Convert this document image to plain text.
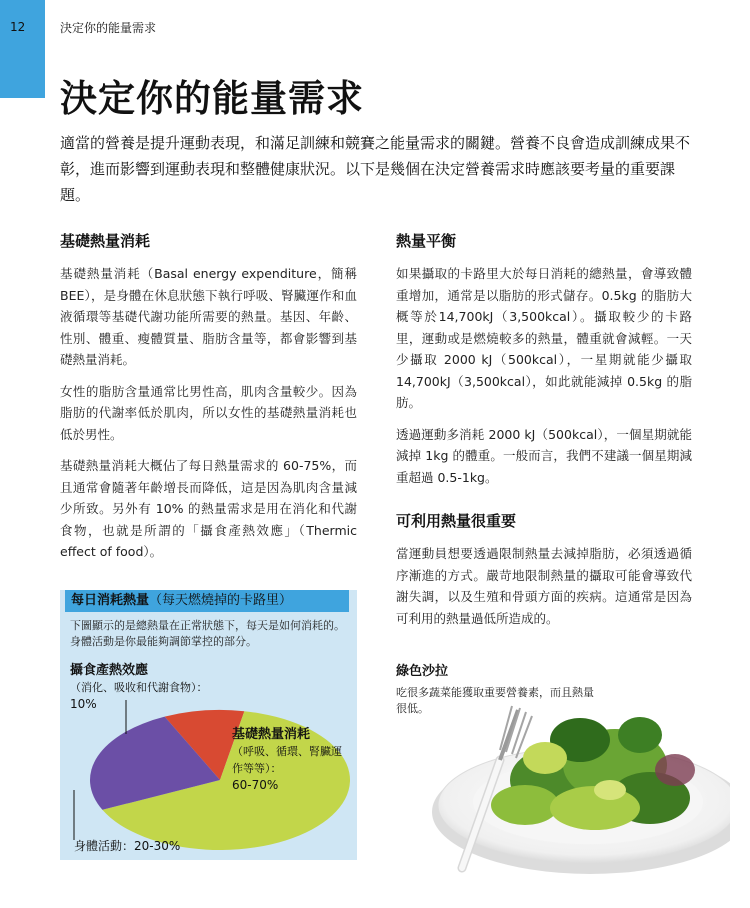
12	決定你的能量需求
決定你的能量需求

適當的營養是提升運動表現，和滿足訓練和競賽之能量需求的關鍵。營養不良會造成訓練成果不彰，進而影響到運動表現和整體健康狀況。以下是幾個在決定營養需求時應該要考量的重要課題。

基礎熱量消耗

基礎熱量消耗（Basal energy expenditure，簡稱BEE），是身體在休息狀態下執行呼吸、腎臟運作和血液循環等基礎代謝功能所需要的熱量。基因、年齡、性別、體重、瘦體質量、脂肪含量等，都會影響到基礎熱量消耗。

女性的脂肪含量通常比男性高，肌肉含量較少。因為脂肪的代謝率低於肌肉，所以女性的基礎熱量消耗也低於男性。

基礎熱量消耗大概佔了每日熱量需求的 60-75%，而且通常會隨著年齡增長而降低，這是因為肌肉含量減少所致。另外有 10% 的熱量需求是用在消化和代謝食物，也就是所謂的「攝食產熱效應」（Thermic effect of food）。

熱量平衡

如果攝取的卡路里大於每日消耗的總熱量，會導致體重增加，通常是以脂肪的形式儲存。0.5kg 的脂肪大概等於14,700kJ（3,500kcal）。攝取較少的卡路里，運動或是燃燒較多的熱量，體重就會減輕。一天少攝取 2000 kJ（500kcal），一星期就能少攝取 14,700kJ（3,500kcal），如此就能減掉 0.5kg 的脂肪。

透過運動多消耗 2000 kJ（500kcal），一個星期就能減掉 1kg 的體重。一般而言，我們不建議一個星期減重超過 0.5-1kg。

可利用熱量很重要

當運動員想要透過限制熱量去減掉脂肪，必須透過循序漸進的方式。嚴苛地限制熱量的攝取可能會導致代謝失調，以及生殖和骨頭方面的疾病。這通常是因為可利用的熱量過低所造成的。

每日消耗熱量（每天燃燒掉的卡路里）

下圖顯示的是總熱量在正常狀態下，每天是如何消耗的。身體活動是你最能夠調節掌控的部分。

攝食產熱效應
（消化、吸收和代謝食物）：
10%
基礎熱量消耗
（呼吸、循環、腎臟運作等等）：
60-70%
身體活動：20-30%
綠色沙拉

吃很多蔬菜能獲取重要營養素，而且熱量很低。
